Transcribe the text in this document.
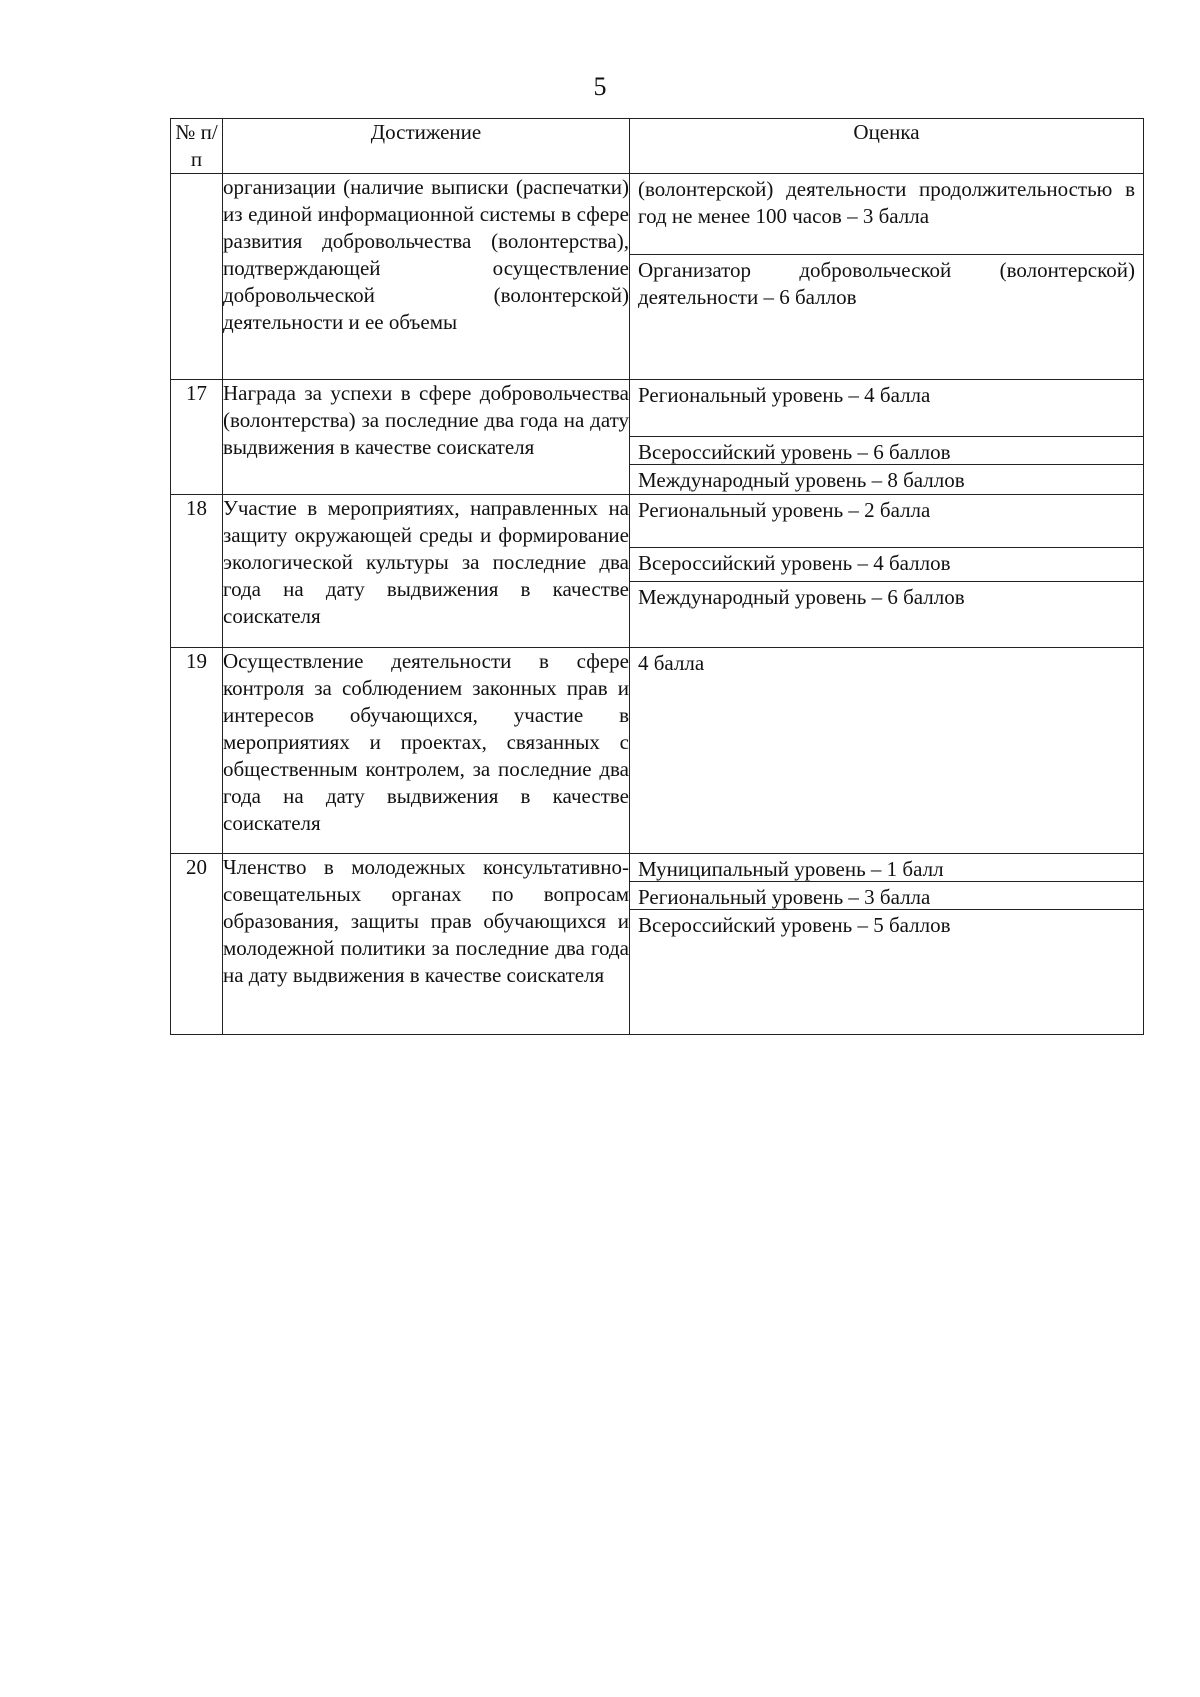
5
№ п/п	Достижение	Оценка
	организации (наличие выписки (распечатки) из единой информационной системы в сфере развития добровольчества (волонтерства), подтверждающей осуществление добровольческой (волонтерской) деятельности и ее объемы	(волонтерской) деятельности продолжительностью в год не менее 100 часов – 3 балла
Организатор добровольческой (волонтерской) деятельности – 6 баллов

17	Награда за успехи в сфере добровольчества (волонтерства) за последние два года на дату выдвижения в качестве соискателя	Региональный уровень – 4 балла
Всероссийский уровень – 6 баллов
Международный уровень – 8 баллов

18	Участие в мероприятиях, направленных на защиту окружающей среды и формирование экологической культуры за последние два года на дату выдвижения в качестве соискателя	Региональный уровень – 2 балла
Всероссийский уровень – 4 баллов
Международный уровень – 6 баллов

19	Осуществление деятельности в сфере контроля за соблюдением законных прав и интересов обучающихся, участие в мероприятиях и проектах, связанных с общественным контролем, за последние два года на дату выдвижения в качестве соискателя	4 балла

20	Членство в молодежных консультативно-совещательных органах по вопросам образования, защиты прав обучающихся и молодежной политики за последние два года на дату выдвижения в качестве соискателя	Муниципальный уровень – 1 балл
Региональный уровень – 3 балла
Всероссийский уровень – 5 баллов
